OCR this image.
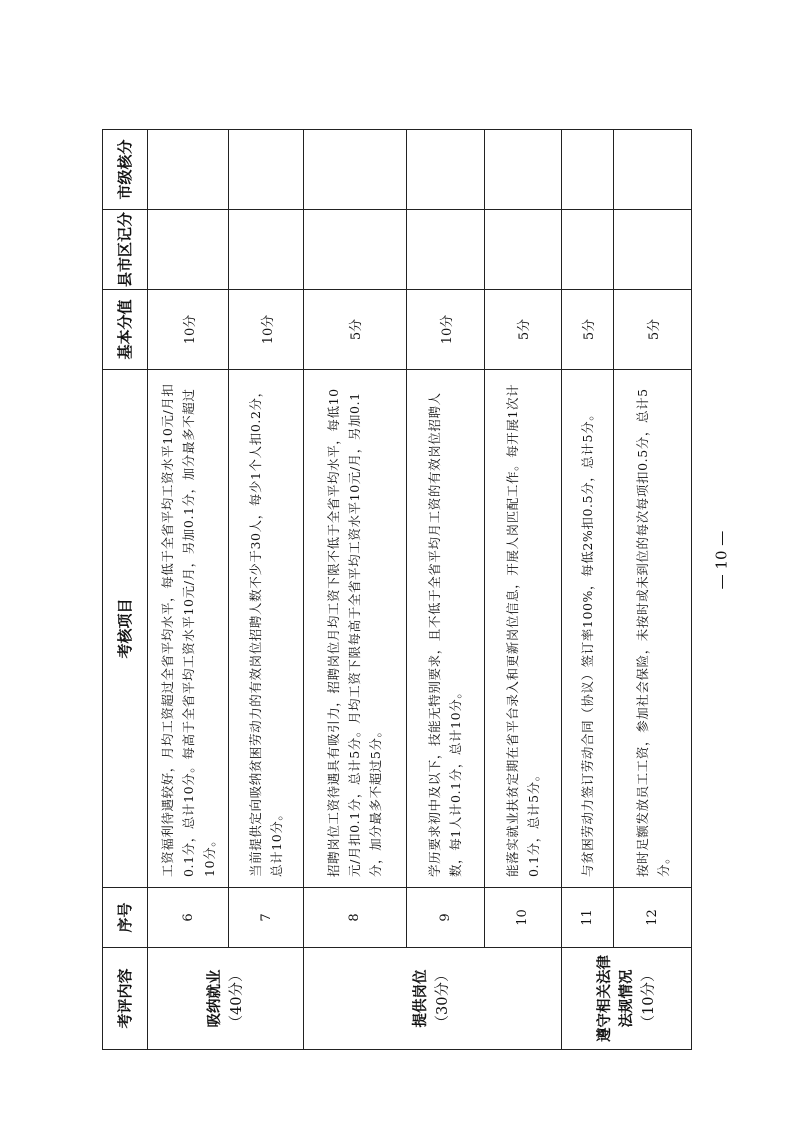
考评内容	序号	考核项目	基本分值	县市区记分	市级核分
吸纳就业 （40分）	6	工资福利待遇较好，月均工资超过全省平均水平，每低于全省平均工资水平10元/月扣0.1分，总计10分。每高于全省平均工资水平10元/月，另加0.1分，加分最多不超过10分。	10分		
	7	当前提供定向吸纳贫困劳动力的有效岗位招聘人数不少于30人，每少1个人扣0.2分，总计10分。	10分		
提供岗位 （30分）	8	招聘岗位工资待遇具有吸引力，招聘岗位月均工资下限不低于全省平均水平，每低10元/月扣0.1分，总计5分。月均工资下限每高于全省平均工资水平10元/月，另加0.1分，加分最多不超过5分。	5分		
	9	学历要求初中及以下，技能无特别要求，且不低于全省平均月工资的有效岗位招聘人数，每1人计0.1分，总计10分。	10分		
	10	能落实就业扶贫定期在省平台录入和更新岗位信息，开展人岗匹配工作。每开展1次计0.1分，总计5分。	5分		
遵守相关法律法规情况 （10分）	11	与贫困劳动力签订劳动合同（协议）签订率100%，每低2%扣0.5分，总计5分。	5分		
	12	按时足额发放员工工资，参加社会保险，未按时或未到位的每次每项扣0.5分，总计5分。	5分		
— 10 —
